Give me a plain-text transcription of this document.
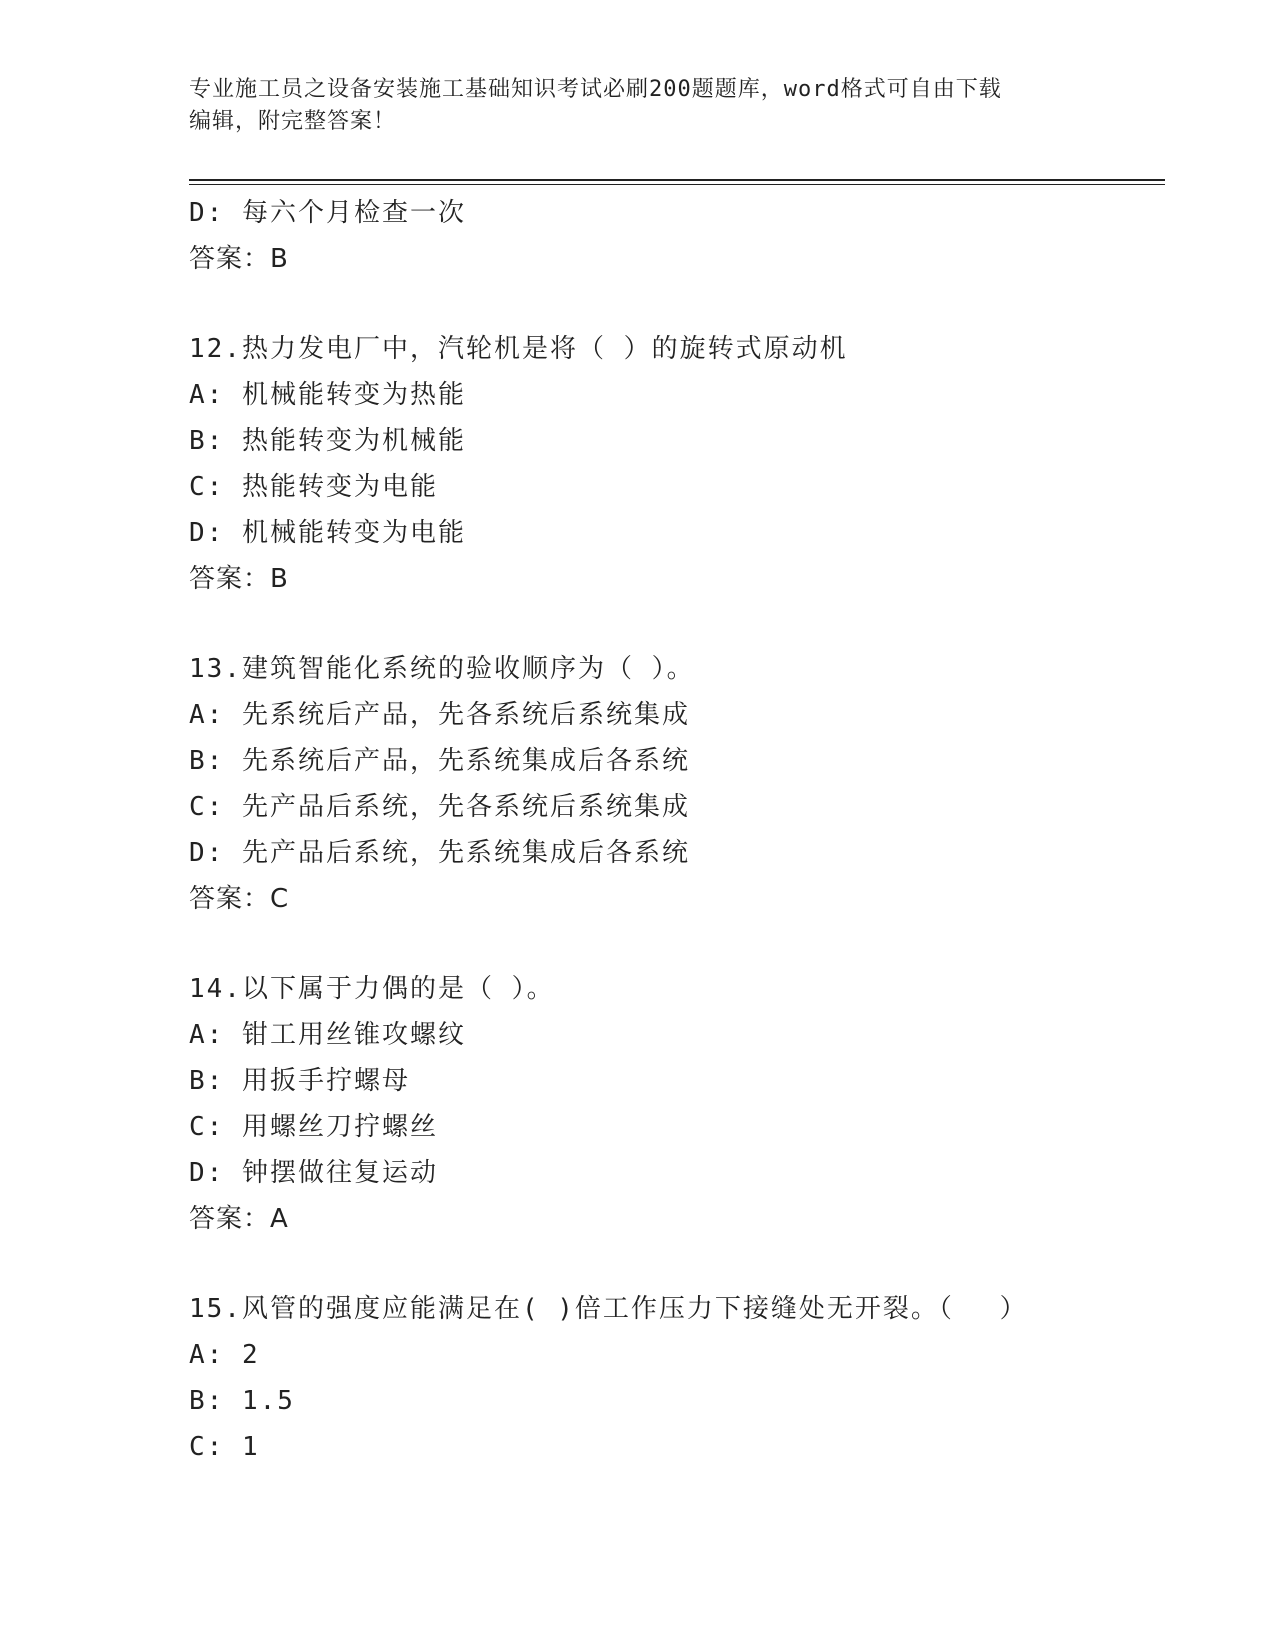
专业施工员之设备安装施工基础知识考试必刷200题题库，word格式可自由下载
编辑，附完整答案！
D: 每六个月检查一次
答案：B
12.热力发电厂中，汽轮机是将（ ）的旋转式原动机
A: 机械能转变为热能
B: 热能转变为机械能
C: 热能转变为电能
D: 机械能转变为电能
答案：B
13.建筑智能化系统的验收顺序为（ ）。
A: 先系统后产品，先各系统后系统集成
B: 先系统后产品，先系统集成后各系统
C: 先产品后系统，先各系统后系统集成
D: 先产品后系统，先系统集成后各系统
答案：C
14.以下属于力偶的是（ ）。
A: 钳工用丝锥攻螺纹
B: 用扳手拧螺母
C: 用螺丝刀拧螺丝
D: 钟摆做往复运动
答案：A
15.风管的强度应能满足在( )倍工作压力下接缝处无开裂。（　 ）
A: 2
B: 1.5
C: 1
